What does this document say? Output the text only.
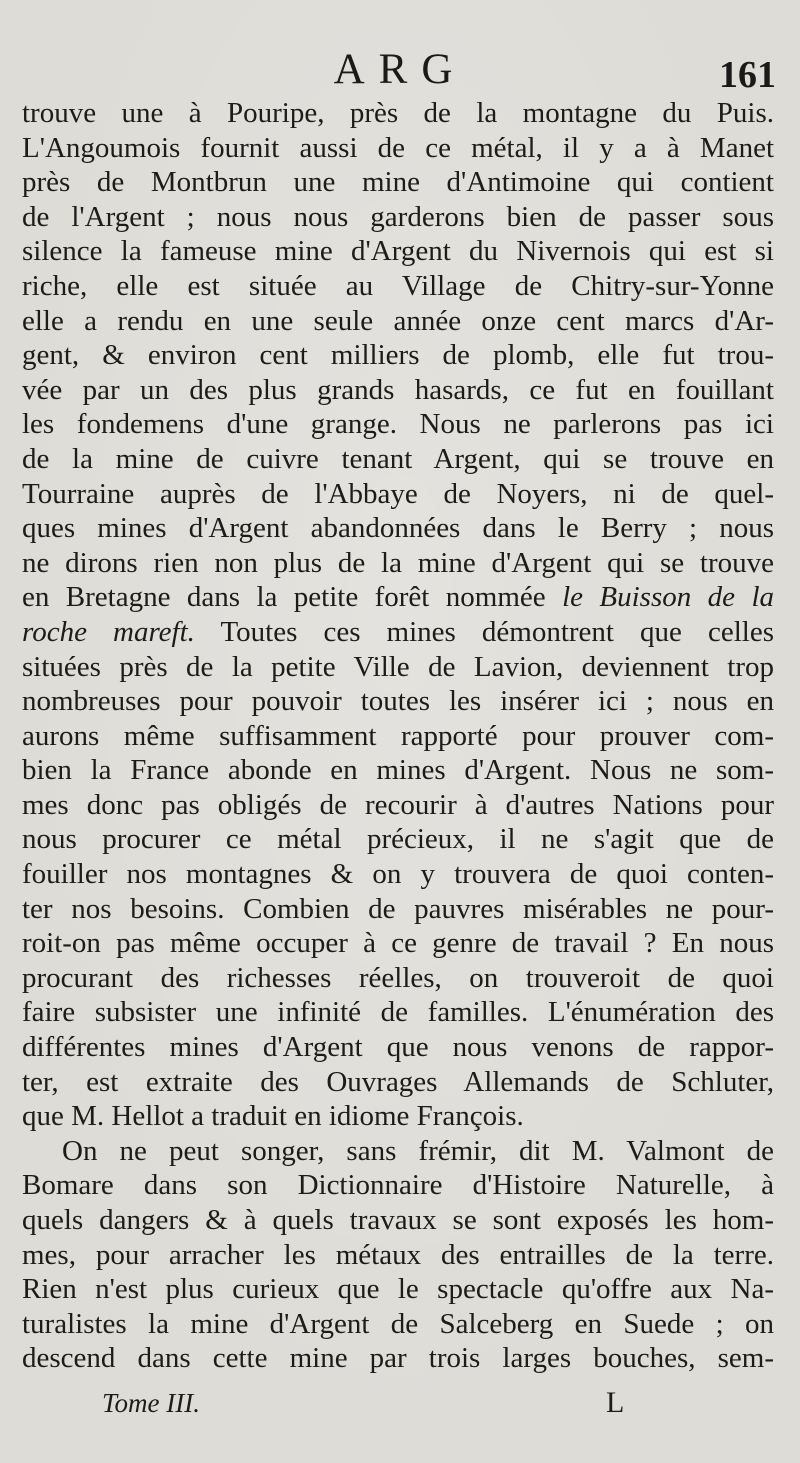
ARG	161
trouve une à Pouripe, près de la montagne du Puis.
L'Angoumois fournit aussi de ce métal, il y a à Manet
près de Montbrun une mine d'Antimoine qui contient
de l'Argent ; nous nous garderons bien de passer sous
silence la fameuse mine d'Argent du Nivernois qui est si
riche, elle est située au Village de Chitry-sur-Yonne
elle a rendu en une seule année onze cent marcs d'Ar-
gent, & environ cent milliers de plomb, elle fut trou-
vée par un des plus grands hasards, ce fut en fouillant
les fondemens d'une grange. Nous ne parlerons pas ici
de la mine de cuivre tenant Argent, qui se trouve en
Tourraine auprès de l'Abbaye de Noyers, ni de quel-
ques mines d'Argent abandonnées dans le Berry ; nous
ne dirons rien non plus de la mine d'Argent qui se trouve
en Bretagne dans la petite forêt nommée le Buisson de la
roche mareft. Toutes ces mines démontrent que celles
situées près de la petite Ville de Lavion, deviennent trop
nombreuses pour pouvoir toutes les insérer ici ; nous en
aurons même suffisamment rapporté pour prouver com-
bien la France abonde en mines d'Argent. Nous ne som-
mes donc pas obligés de recourir à d'autres Nations pour
nous procurer ce métal précieux, il ne s'agit que de
fouiller nos montagnes & on y trouvera de quoi conten-
ter nos besoins. Combien de pauvres misérables ne pour-
roit-on pas même occuper à ce genre de travail ? En nous
procurant des richesses réelles, on trouveroit de quoi
faire subsister une infinité de familles. L'énumération des
différentes mines d'Argent que nous venons de rappor-
ter, est extraite des Ouvrages Allemands de Schluter,
que M. Hellot a traduit en idiome François.
On ne peut songer, sans frémir, dit M. Valmont de
Bomare dans son Dictionnaire d'Histoire Naturelle, à
quels dangers & à quels travaux se sont exposés les hom-
mes, pour arracher les métaux des entrailles de la terre.
Rien n'est plus curieux que le spectacle qu'offre aux Na-
turalistes la mine d'Argent de Salceberg en Suede ; on
descend dans cette mine par trois larges bouches, sem-
Tome III.	L
